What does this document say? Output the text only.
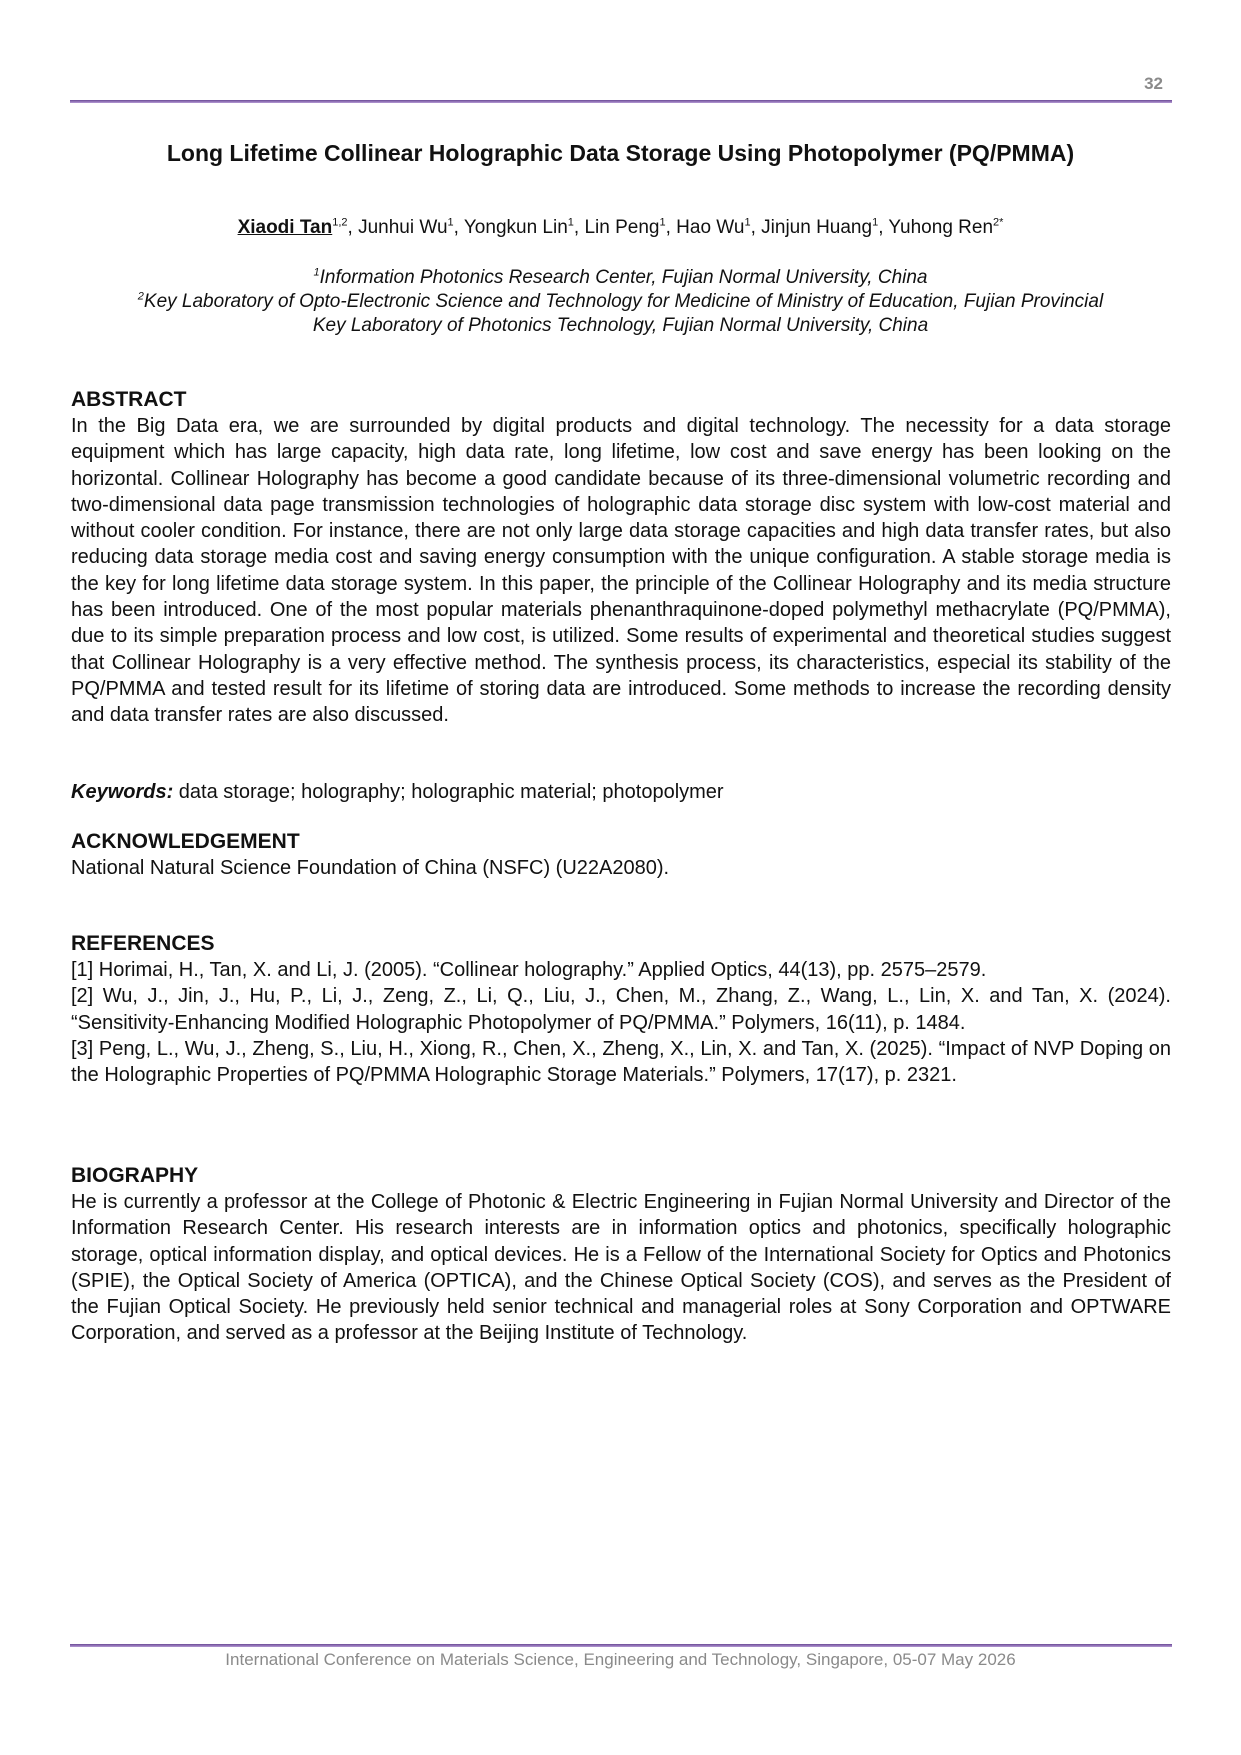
32
Long Lifetime Collinear Holographic Data Storage Using Photopolymer (PQ/PMMA)
Xiaodi Tan$^{1,2}$, Junhui Wu$^1$, Yongkun Lin$^1$, Lin Peng$^1$, Hao Wu$^1$, Jinjun Huang$^1$, Yuhong Ren$^{2*}$
$^1$Information Photonics Research Center, Fujian Normal University, China
$^2$Key Laboratory of Opto-Electronic Science and Technology for Medicine of Ministry of Education, Fujian Provincial
Key Laboratory of Photonics Technology, Fujian Normal University, China
ABSTRACT

In the Big Data era, we are surrounded by digital products and digital technology. The necessity for a data storage equipment which has large capacity, high data rate, long lifetime, low cost and save energy has been looking on the horizontal. Collinear Holography has become a good candidate because of its three-dimensional volumetric recording and two-dimensional data page transmission technologies of holographic data storage disc system with low-cost material and without cooler condition. For instance, there are not only large data storage capacities and high data transfer rates, but also reducing data storage media cost and saving energy consumption with the unique configuration. A stable storage media is the key for long lifetime data storage system. In this paper, the principle of the Collinear Holography and its media structure has been introduced. One of the most popular materials phenanthraquinone-doped polymethyl methacrylate (PQ/PMMA), due to its simple preparation process and low cost, is utilized. Some results of experimental and theoretical studies suggest that Collinear Holography is a very effective method. The synthesis process, its characteristics, especial its stability of the PQ/PMMA and tested result for its lifetime of storing data are introduced. Some methods to increase the recording density and data transfer rates are also discussed.

Keywords: data storage; holography; holographic material; photopolymer

ACKNOWLEDGEMENT

National Natural Science Foundation of China (NSFC) (U22A2080).

REFERENCES

[1] Horimai, H., Tan, X. and Li, J. (2005). “Collinear holography.” Applied Optics, 44(13), pp. 2575–2579.

[2] Wu, J., Jin, J., Hu, P., Li, J., Zeng, Z., Li, Q., Liu, J., Chen, M., Zhang, Z., Wang, L., Lin, X. and Tan, X. (2024). “Sensitivity-Enhancing Modified Holographic Photopolymer of PQ/PMMA.” Polymers, 16(11), p. 1484.

[3] Peng, L., Wu, J., Zheng, S., Liu, H., Xiong, R., Chen, X., Zheng, X., Lin, X. and Tan, X. (2025). “Impact of NVP Doping on the Holographic Properties of PQ/PMMA Holographic Storage Materials.” Polymers, 17(17), p. 2321.

BIOGRAPHY

He is currently a professor at the College of Photonic & Electric Engineering in Fujian Normal University and Director of the Information Research Center. His research interests are in information optics and photonics, specifically holographic storage, optical information display, and optical devices. He is a Fellow of the International Society for Optics and Photonics (SPIE), the Optical Society of America (OPTICA), and the Chinese Optical Society (COS), and serves as the President of the Fujian Optical Society. He previously held senior technical and managerial roles at Sony Corporation and OPTWARE Corporation, and served as a professor at the Beijing Institute of Technology.

International Conference on Materials Science, Engineering and Technology, Singapore, 05-07 May 2026
